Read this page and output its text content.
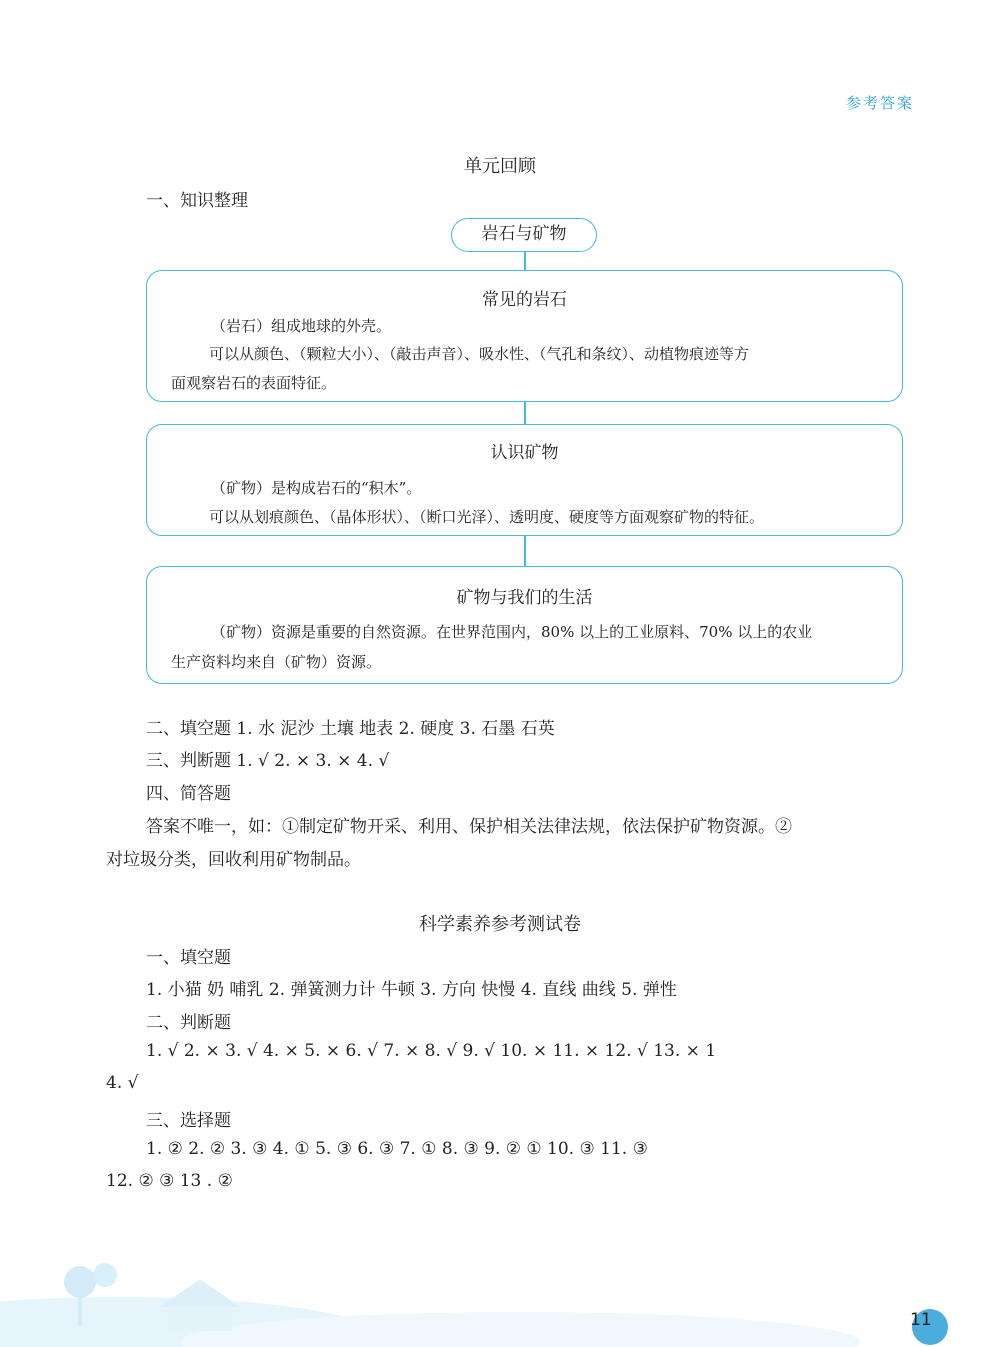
参考答案
单元回顾
一、知识整理
岩石与矿物
常见的岩石
（岩石）组成地球的外壳。
可以从颜色、（颗粒大小）、（敲击声音）、吸水性、（气孔和条纹）、动植物痕迹等方
面观察岩石的表面特征。
认识矿物
（矿物）是构成岩石的“积木”。
可以从划痕颜色、（晶体形状）、（断口光泽）、透明度、硬度等方面观察矿物的特征。
矿物与我们的生活
（矿物）资源是重要的自然资源。在世界范围内，80% 以上的工业原料、70% 以上的农业
生产资料均来自（矿物）资源。
二、填空题 1. 水 泥沙 土壤 地表 2. 硬度 3. 石墨 石英
三、判断题 1. √ 2. × 3. × 4. √
四、简答题
答案不唯一，如：①制定矿物开采、利用、保护相关法律法规，依法保护矿物资源。②
对垃圾分类，回收利用矿物制品。
科学素养参考测试卷
一、填空题
1. 小猫 奶 哺乳 2. 弹簧测力计 牛顿 3. 方向 快慢 4. 直线 曲线 5. 弹性
二、判断题
1. √ 2. × 3. √ 4. × 5. × 6. √ 7. × 8. √ 9. √ 10. × 11. × 12. √ 13. × 1
4. √
三、选择题
1. ② 2. ② 3. ③ 4. ① 5. ③ 6. ③ 7. ① 8. ③ 9. ② ① 10. ③ 11. ③
12. ② ③ 13 . ②
11
